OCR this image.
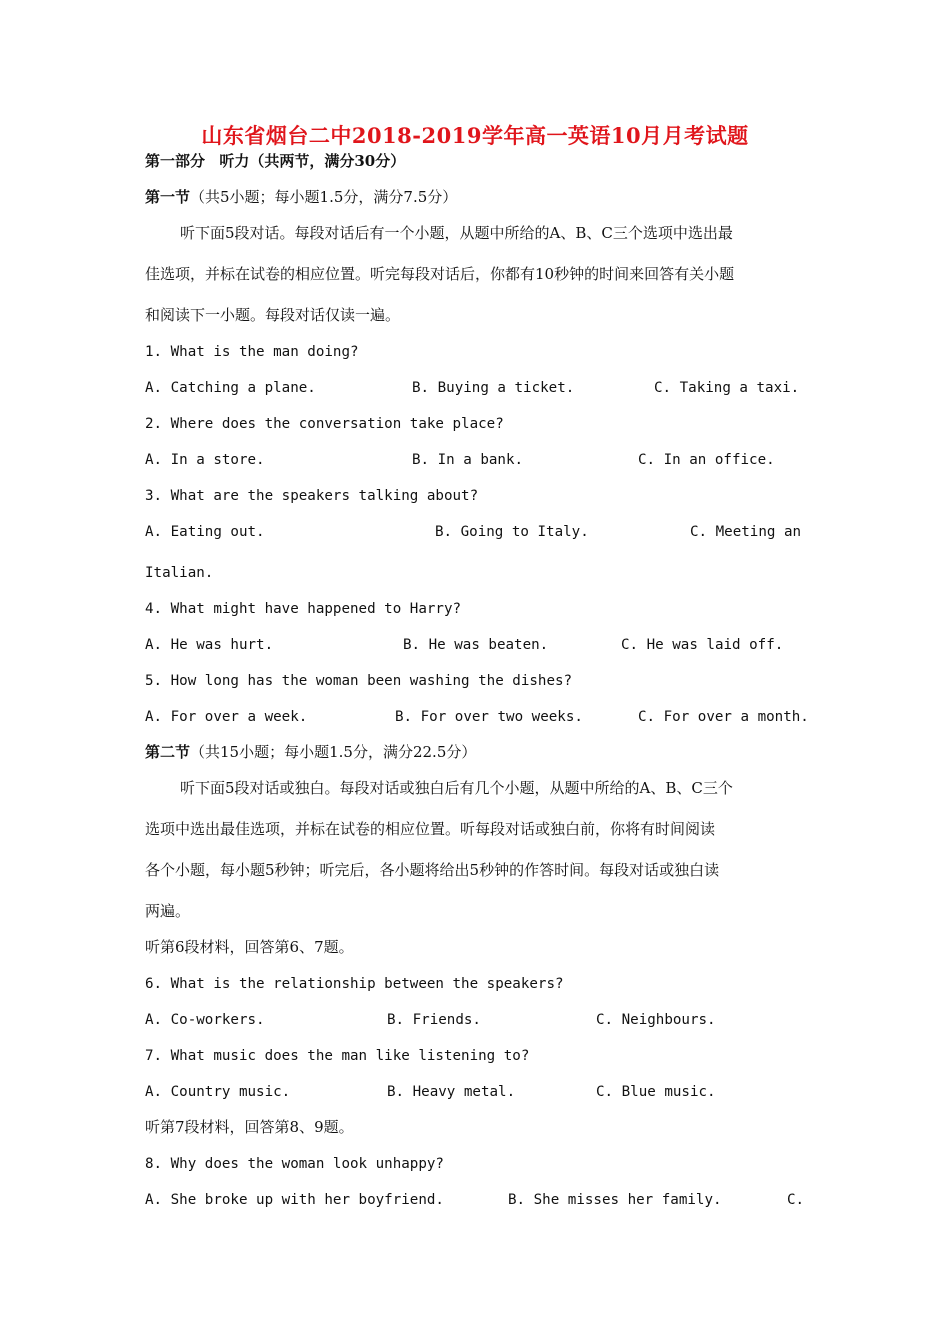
山东省烟台二中2018-2019学年高一英语10月月考试题
第一部分 听力（共两节，满分30分）
第一节（共5小题；每小题1.5分，满分7.5分）
听下面5段对话。每段对话后有一个小题，从题中所给的A、B、C三个选项中选出最
佳选项，并标在试卷的相应位置。听完每段对话后，你都有10秒钟的时间来回答有关小题
和阅读下一小题。每段对话仅读一遍。
1. What is the man doing?
A. Catching a plane.	B. Buying a ticket.	C. Taking a taxi.
2. Where does the conversation take place?
A. In a store.	B. In a bank.	C. In an office.
3. What are the speakers talking about?
A. Eating out.	B. Going to Italy.	C. Meeting an
Italian.
4. What might have happened to Harry?
A. He was hurt.	B. He was beaten.	C. He was laid off.
5. How long has the woman been washing the dishes?
A. For over a week.	B. For over two weeks.	C. For over a month.
第二节（共15小题；每小题1.5分，满分22.5分）
听下面5段对话或独白。每段对话或独白后有几个小题，从题中所给的A、B、C三个
选项中选出最佳选项，并标在试卷的相应位置。听每段对话或独白前，你将有时间阅读
各个小题，每小题5秒钟；听完后，各小题将给出5秒钟的作答时间。每段对话或独白读
两遍。
听第6段材料，回答第6、7题。
6. What is the relationship between the speakers?
A. Co-workers.	B. Friends.	C. Neighbours.
7. What music does the man like listening to?
A. Country music.	B. Heavy metal.	C. Blue music.
听第7段材料，回答第8、9题。
8. Why does the woman look unhappy?
A. She broke up with her boyfriend.	B. She misses her family.	C.
